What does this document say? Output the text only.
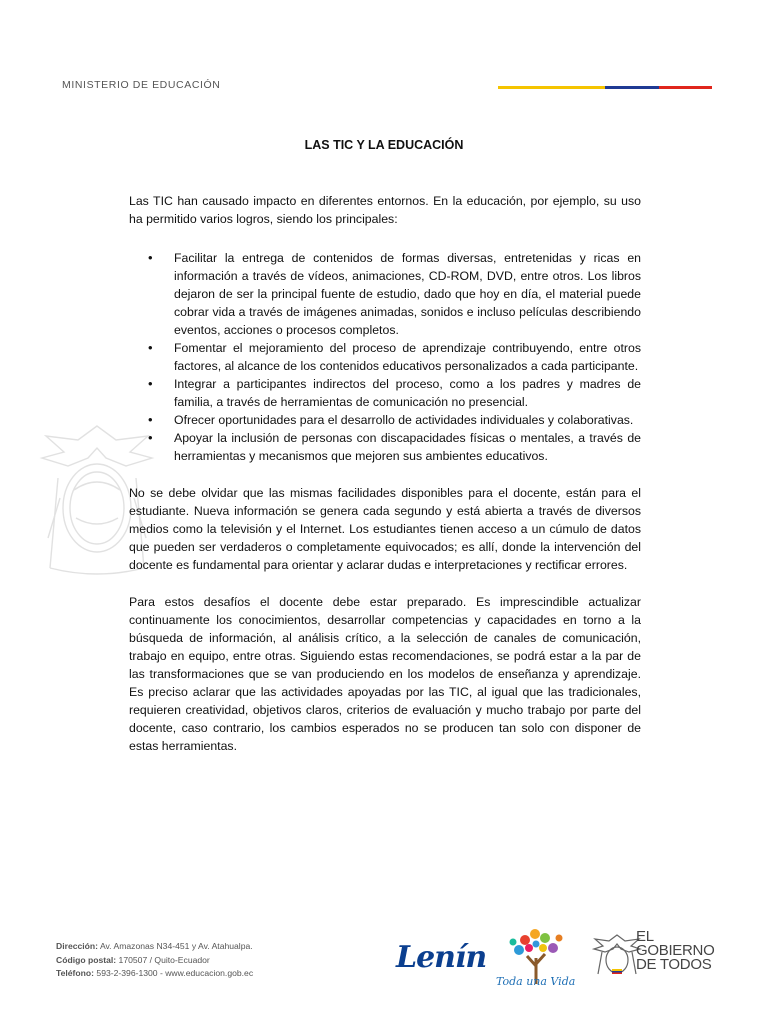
MINISTERIO DE EDUCACIÓN
LAS TIC Y LA EDUCACIÓN

Las TIC han causado impacto en diferentes entornos. En la educación, por ejemplo, su uso ha permitido varios logros, siendo los principales:

• Facilitar la entrega de contenidos de formas diversas, entretenidas y ricas en información a través de vídeos, animaciones, CD-ROM, DVD, entre otros. Los libros dejaron de ser la principal fuente de estudio, dado que hoy en día, el material puede cobrar vida a través de imágenes animadas, sonidos e incluso películas describiendo eventos, acciones o procesos completos.
• Fomentar el mejoramiento del proceso de aprendizaje contribuyendo, entre otros factores, al alcance de los contenidos educativos personalizados a cada participante.
• Integrar a participantes indirectos del proceso, como a los padres y madres de familia, a través de herramientas de comunicación no presencial.
• Ofrecer oportunidades para el desarrollo de actividades individuales y colaborativas.
• Apoyar la inclusión de personas con discapacidades físicas o mentales, a través de herramientas y mecanismos que mejoren sus ambientes educativos.

No se debe olvidar que las mismas facilidades disponibles para el docente, están para el estudiante. Nueva información se genera cada segundo y está abierta a través de diversos medios como la televisión y el Internet. Los estudiantes tienen acceso a un cúmulo de datos que pueden ser verdaderos o completamente equivocados; es allí, donde la intervención del docente es fundamental para orientar y aclarar dudas e interpretaciones y rectificar errores.

Para estos desafíos el docente debe estar preparado. Es imprescindible actualizar continuamente los conocimientos, desarrollar competencias y capacidades en torno a la búsqueda de información, al análisis crítico, a la selección de canales de comunicación, trabajo en equipo, entre otras. Siguiendo estas recomendaciones, se podrá estar a la par de las transformaciones que se van produciendo en los modelos de enseñanza y aprendizaje. Es preciso aclarar que las actividades apoyadas por las TIC, al igual que las tradicionales, requieren creatividad, objetivos claros, criterios de evaluación y mucho trabajo por parte del docente, caso contrario, los cambios esperados no se producen tan solo con disponer de estas herramientas.

Dirección: Av. Amazonas N34-451 y Av. Atahualpa.
Código postal: 170507 / Quito-Ecuador
Teléfono: 593-2-396-1300 - www.educacion.gob.ec	Lenín
Toda una Vida
EL
GOBIERNO
DE TODOS
